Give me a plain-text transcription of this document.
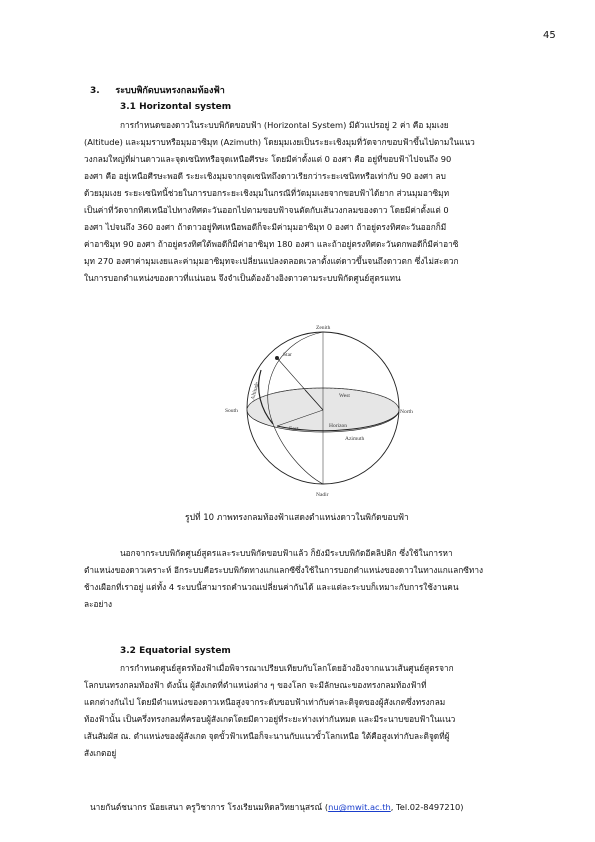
45
3. ระบบพิกัดบนทรงกลมท้องฟ้า
3.1 Horizontal system

การกำหนดของดาวในระบบพิกัดขอบฟ้า (Horizontal System) มีตัวแปรอยู่ 2 ค่า คือ มุมเงย
(Altitude) และมุมราบหรือมุมอาซิมุท (Azimuth) โดยมุมเงยเป็นระยะเชิงมุมที่วัดจากขอบฟ้าขึ้นไปตามในแนว
วงกลมใหญ่ที่ผ่านดาวและจุดเซนิทหรือจุดเหนือศีรษะ โดยมีค่าตั้งแต่ 0 องศา คือ อยู่ที่ขอบฟ้าไปจนถึง 90
องศา คือ อยู่เหนือศีรษะพอดี ระยะเชิงมุมจากจุดเซนิทถึงดาวเรียกว่าระยะเซนิทหรือเท่ากับ 90 องศา ลบ
ด้วยมุมเงย ระยะเซนิทนี้ช่วยในการบอกระยะเชิงมุมในกรณีที่วัดมุมเงยจากขอบฟ้าได้ยาก ส่วนมุมอาซิมุท
เป็นค่าที่วัดจากทิศเหนือไปทางทิศตะวันออกไปตามขอบฟ้าจนตัดกับเส้นวงกลมของดาว โดยมีค่าตั้งแต่ 0
องศา ไปจนถึง 360 องศา ถ้าดาวอยู่ทิศเหนือพอดีก็จะมีค่ามุมอาซิมุท 0 องศา ถ้าอยู่ตรงทิศตะวันออกก็มี
ค่าอาซิมุท 90 องศา ถ้าอยู่ตรงทิศใต้พอดีก็มีค่าอาซิมุท 180 องศา และถ้าอยู่ตรงทิศตะวันตกพอดีก็มีค่าอาซิ
มุท 270 องศาค่ามุมเงยและค่ามุมอาซิมุทจะเปลี่ยนแปลงตลอดเวลาตั้งแต่ดาวขึ้นจนถึงดาวตก ซึ่งไม่สะดวก
ในการบอกตำแหน่งของดาวที่แน่นอน จึงจำเป็นต้องอ้างอิงดาวตามระบบพิกัดศูนย์สูตรแทน

Zenith
Nadir
South	North
West
East
Star
Horizon
Azimuth
Altitude
รูปที่ 10 ภาพทรงกลมท้องฟ้าแสดงตำแหน่งดาวในพิกัดขอบฟ้า

นอกจากระบบพิกัดศูนย์สูตรและระบบพิกัดขอบฟ้าแล้ว ก็ยังมีระบบพิกัดอีคลิปติก ซึ่งใช้ในการหา
ตำแหน่งของดาวเคราะห์ อีกระบบคือระบบพิกัดทางแกแลกซีซึ่งใช้ในการบอกตำแหน่งของดาวในทางแกแลกซีทาง
ช้างเผือกที่เราอยู่ แต่ทั้ง 4 ระบบนี้สามารถคำนวณเปลี่ยนค่ากันได้ และแต่ละระบบก็เหมาะกับการใช้งานคน
ละอย่าง

3.2 Equatorial system

การกำหนดศูนย์สูตรท้องฟ้าเมื่อพิจารณาเปรียบเทียบกับโลกโดยอ้างอิงจากแนวเส้นศูนย์สูตรจาก
โลกบนทรงกลมท้องฟ้า ดังนั้น ผู้สังเกตที่ตำแหน่งต่าง ๆ ของโลก จะมีลักษณะของทรงกลมท้องฟ้าที่
แตกต่างกันไป โดยมีตำแหน่งของดาวเหนือสูงจากระดับขอบฟ้าเท่ากับค่าละติจูดของผู้สังเกตซึ่งทรงกลม
ท้องฟ้านั้น เป็นครึ่งทรงกลมที่ครอบผู้สังเกตโดยมีดาวอยู่ที่ระยะห่างเท่ากันหมด และมีระนาบขอบฟ้าในแนว
เส้นสัมผัส ณ. ตำแหน่งของผู้สังเกต จุดขั้วฟ้าเหนือก็จะนานกับแนวขั้วโลกเหนือ ใต้คือสูงเท่ากับละติจูดที่ผู้
สังเกตอยู่

นายกันต์ชนากร น้อยเสนา ครูวิชาการ โรงเรียนมหิดลวิทยานุสรณ์ (nu@mwit.ac.th, Tel.02-8497210)
